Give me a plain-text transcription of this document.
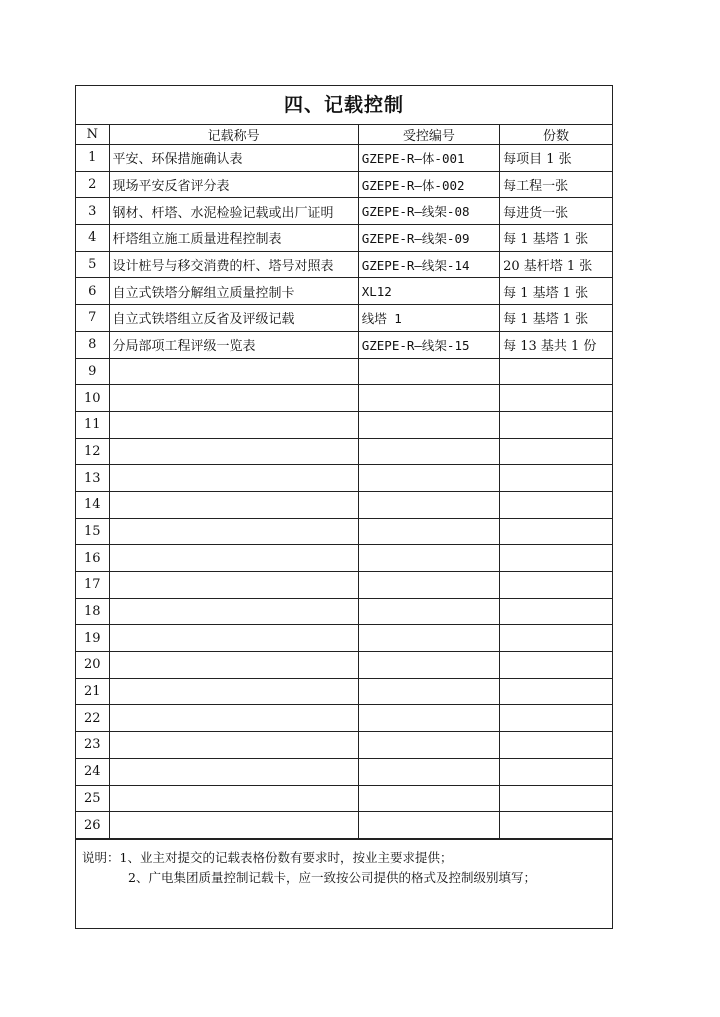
四、记载控制
N	记载称号	受控编号	份数
1	平安、环保措施确认表	GZEPE-R—体-001	每项目 1 张
2	现场平安反省评分表	GZEPE-R—体-002	每工程一张
3	钢材、杆塔、水泥检验记载或出厂证明	GZEPE-R—线架-08	每进货一张
4	杆塔组立施工质量进程控制表	GZEPE-R—线架-09	每 1 基塔 1 张
5	设计桩号与移交消费的杆、塔号对照表	GZEPE-R—线架-14	20 基杆塔 1 张
6	自立式铁塔分解组立质量控制卡	XL12	每 1 基塔 1 张
7	自立式铁塔组立反省及评级记载	线塔 1	每 1 基塔 1 张
8	分局部项工程评级一览表	GZEPE-R—线架-15	每 13 基共 1 份
9			
10			
11			
12			
13			
14			
15			
16			
17			
18			
19			
20			
21			
22			
23			
24			
25			
26			
说明：1、业主对提交的记载表格份数有要求时，按业主要求提供；
2、广电集团质量控制记载卡，应一致按公司提供的格式及控制级别填写；
